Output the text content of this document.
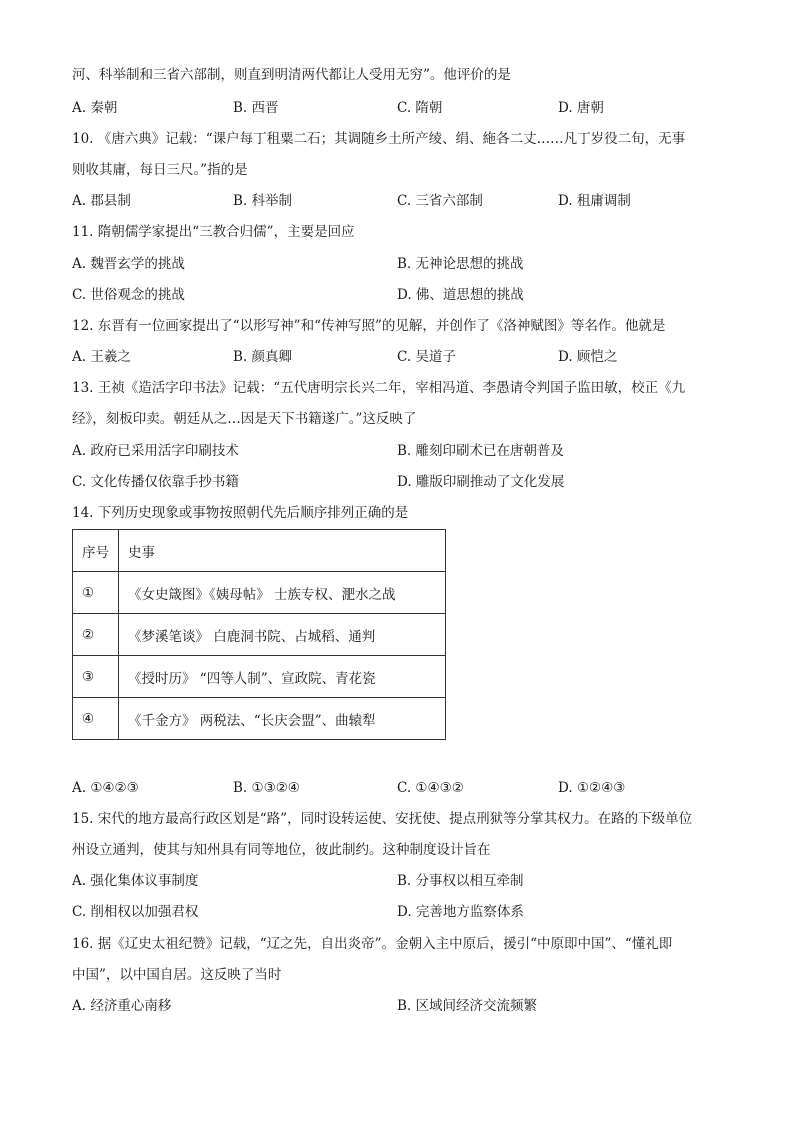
河、科举制和三省六部制，则直到明清两代都让人受用无穷”。他评价的是
A. 秦朝	B. 西晋	C. 隋朝	D. 唐朝
10. 《唐六典》记载：“课户每丁租粟二石；其调随乡土所产绫、绢、絁各二丈……凡丁岁役二旬，无事
则收其庸，每日三尺。”指的是
A. 郡县制	B. 科举制	C. 三省六部制	D. 租庸调制
11. 隋朝儒学家提出“三教合归儒”，主要是回应
A. 魏晋玄学的挑战	B. 无神论思想的挑战
C. 世俗观念的挑战	D. 佛、道思想的挑战
12. 东晋有一位画家提出了“以形写神”和“传神写照”的见解，并创作了《洛神赋图》等名作。他就是
A. 王羲之	B. 颜真卿	C. 吴道子	D. 顾恺之
13. 王祯《造活字印书法》记载：“五代唐明宗长兴二年，宰相冯道、李愚请令判国子监田敏，校正《九
经》，刻板印卖。朝廷从之…因是天下书籍遂广。”这反映了
A. 政府已采用活字印刷技术	B. 雕刻印刷术已在唐朝普及
C. 文化传播仅依靠手抄书籍	D. 雕版印刷推动了文化发展
14. 下列历史现象或事物按照朝代先后顺序排列正确的是
序号	史事
①	《女史箴图》《姨母帖》 士族专权、淝水之战
②	《梦溪笔谈》 白鹿洞书院、占城稻、通判
③	《授时历》 “四等人制”、宣政院、青花瓷
④	《千金方》 两税法、“长庆会盟”、曲辕犁
A. ①④②③	B. ①③②④	C. ①④③②	D. ①②④③
15. 宋代的地方最高行政区划是“路”，同时设转运使、安抚使、提点刑狱等分掌其权力。在路的下级单位
州设立通判，使其与知州具有同等地位，彼此制约。这种制度设计旨在
A. 强化集体议事制度	B. 分事权以相互牵制
C. 削相权以加强君权	D. 完善地方监察体系
16. 据《辽史太祖纪赞》记载，“辽之先，自出炎帝”。金朝入主中原后，援引“中原即中国”、“懂礼即
中国”，以中国自居。这反映了当时
A. 经济重心南移	B. 区域间经济交流频繁
